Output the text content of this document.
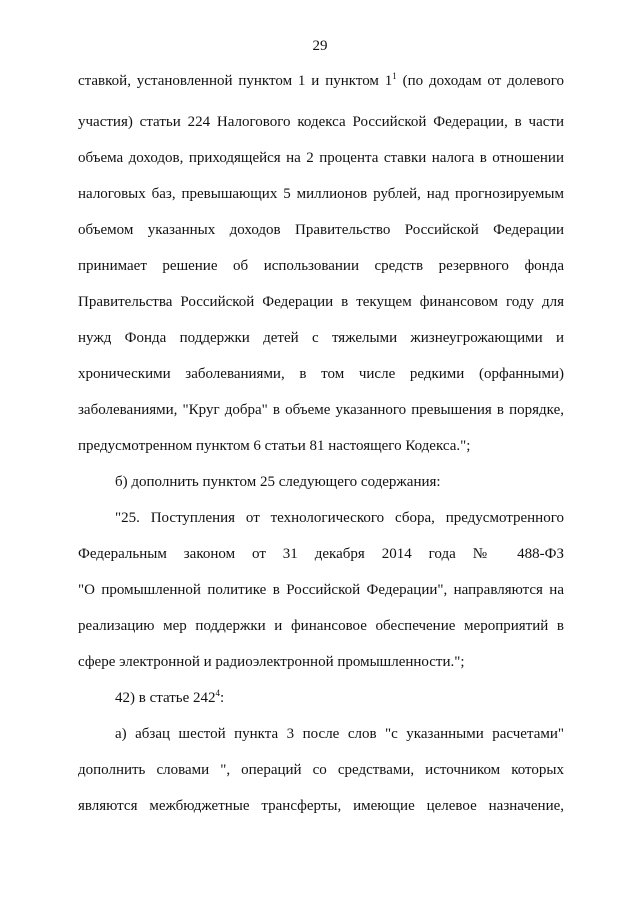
29
ставкой, установленной пунктом 1 и пунктом $1^1$ (по доходам от долевого
участия) статьи 224 Налогового кодекса Российской Федерации, в части
объема доходов, приходящейся на 2 процента ставки налога в отношении
налоговых баз, превышающих 5 миллионов рублей, над прогнозируемым
объемом указанных доходов Правительство Российской Федерации
принимает решение об использовании средств резервного фонда
Правительства Российской Федерации в текущем финансовом году для
нужд Фонда поддержки детей с тяжелыми жизнеугрожающими и
хроническими заболеваниями, в том числе редкими (орфанными)
заболеваниями, "Круг добра" в объеме указанного превышения в порядке,
предусмотренном пунктом 6 статьи 81 настоящего Кодекса.";
б) дополнить пунктом 25 следующего содержания:
"25. Поступления от технологического сбора, предусмотренного
Федеральным законом от 31 декабря 2014 года № 488-ФЗ
"О промышленной политике в Российской Федерации", направляются на
реализацию мер поддержки и финансовое обеспечение мероприятий в
сфере электронной и радиоэлектронной промышленности.";
42) в статье $242^4$:
а) абзац шестой пункта 3 после слов "с указанными расчетами"
дополнить словами ", операций со средствами, источником которых
являются межбюджетные трансферты, имеющие целевое назначение,
